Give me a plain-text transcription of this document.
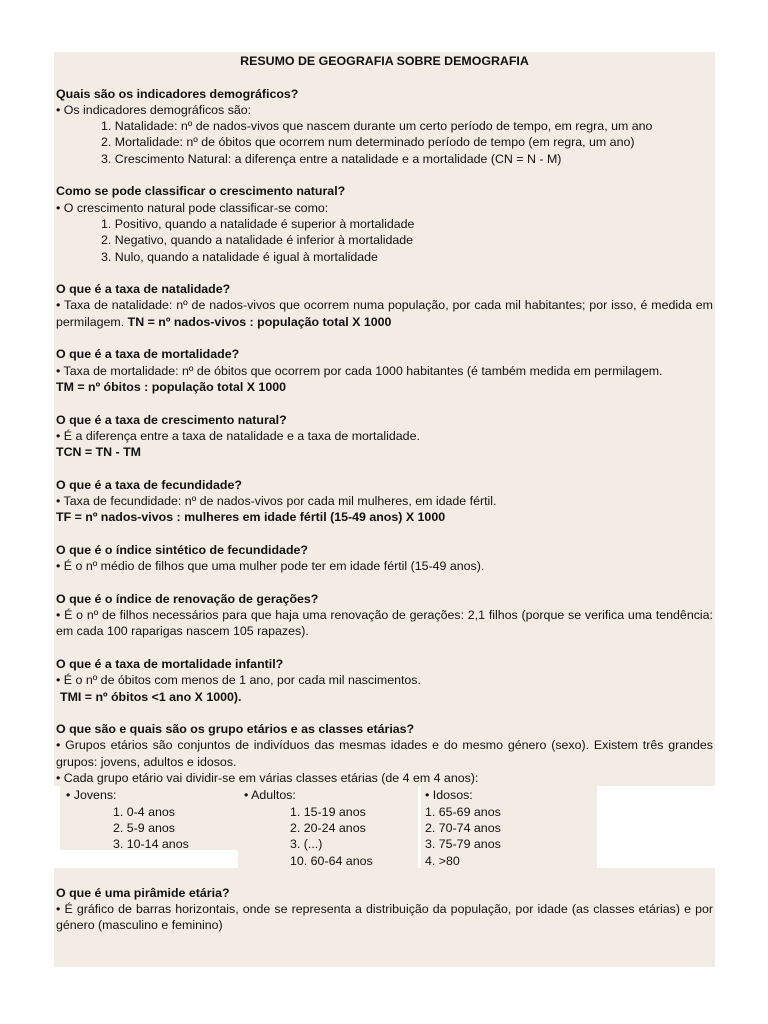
RESUMO DE GEOGRAFIA SOBRE DEMOGRAFIA
Quais são os indicadores demográficos?
• Os indicadores demográficos são:
1. Natalidade: nº de nados-vivos que nascem durante um certo período de tempo, em regra, um ano
2. Mortalidade: nº de óbitos que ocorrem num determinado período de tempo (em regra, um ano)
3. Crescimento Natural: a diferença entre a natalidade e a mortalidade (CN = N - M)
Como se pode classificar o crescimento natural?
• O crescimento natural pode classificar-se como:
1. Positivo, quando a natalidade é superior à mortalidade
2. Negativo, quando a natalidade é inferior à mortalidade
3. Nulo, quando a natalidade é igual à mortalidade
O que é a taxa de natalidade?
• Taxa de natalidade: nº de nados-vivos que ocorrem numa população, por cada mil habitantes; por isso, é medida em permilagem. TN = nº nados-vivos : população total X 1000
O que é a taxa de mortalidade?
• Taxa de mortalidade: nº de óbitos que ocorrem por cada 1000 habitantes (é também medida em permilagem.
TM = nº óbitos : população total X 1000
O que é a taxa de crescimento natural?
• É a diferença entre a taxa de natalidade e a taxa de mortalidade.
TCN = TN - TM
O que é a taxa de fecundidade?
• Taxa de fecundidade: nº de nados-vivos por cada mil mulheres, em idade fértil.
TF = nº nados-vivos : mulheres em idade fértil (15-49 anos) X 1000
O que é o índice sintético de fecundidade?
• É o nº médio de filhos que uma mulher pode ter em idade fértil (15-49 anos).
O que é o índice de renovação de gerações?
• É o nº de filhos necessários para que haja uma renovação de gerações: 2,1 filhos (porque se verifica uma tendência: em cada 100 raparigas nascem 105 rapazes).
O que é a taxa de mortalidade infantil?
• É o nº de óbitos com menos de 1 ano, por cada mil nascimentos.
TMI = nº óbitos <1 ano X 1000).
O que são e quais são os grupo etários e as classes etárias?
• Grupos etários são conjuntos de indivíduos das mesmas idades e do mesmo género (sexo). Existem três grandes grupos: jovens, adultos e idosos.
• Cada grupo etário vai dividir-se em várias classes etárias (de 4 em 4 anos):
• Jovens:
1. 0-4 anos
2. 5-9 anos
3. 10-14 anos
• Adultos:
1. 15-19 anos
2. 20-24 anos
3. (...)
10. 60-64 anos
• Idosos:
1. 65-69 anos
2. 70-74 anos
3. 75-79 anos
4. >80
O que é uma pirâmide etária?
• É gráfico de barras horizontais, onde se representa a distribuição da população, por idade (as classes etárias) e por género (masculino e feminino)
